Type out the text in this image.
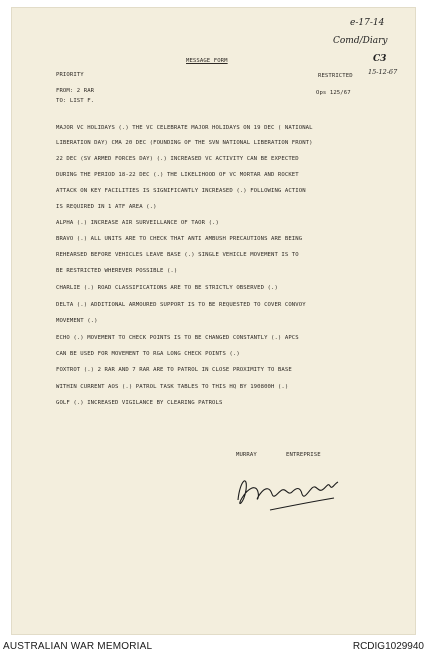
e-17-14
Comd/Diary
C3
15-12-67
MESSAGE FORM
PRIORITY	RESTRICTED
FROM: 2 RAR	Ops 125/67
TO: LIST F.
MAJOR VC HOLIDAYS (.) THE VC CELEBRATE MAJOR HOLIDAYS ON 19 DEC ( NATIONAL
LIBERATION DAY) CMA 20 DEC (FOUNDING OF THE SVN NATIONAL LIBERATION FRONT)
22 DEC (SV ARMED FORCES DAY) (.) INCREASED VC ACTIVITY CAN BE EXPECTED
DURING THE PERIOD 18-22 DEC (.) THE LIKELIHOOD OF VC MORTAR AND ROCKET
ATTACK ON KEY FACILITIES IS SIGNIFICANTLY INCREASED (.) FOLLOWING ACTION
IS REQUIRED IN 1 ATF AREA (.)
ALPHA (.) INCREASE AIR SURVEILLANCE OF TAOR (.)
BRAVO (.) ALL UNITS ARE TO CHECK THAT ANTI AMBUSH PRECAUTIONS ARE BEING
REHEARSED BEFORE VEHICLES LEAVE BASE (.) SINGLE VEHICLE MOVEMENT IS TO
BE RESTRICTED WHEREVER POSSIBLE (.)
CHARLIE (.) ROAD CLASSIFICATIONS ARE TO BE STRICTLY OBSERVED (.)
DELTA (.) ADDITIONAL ARMOURED SUPPORT IS TO BE REQUESTED TO COVER CONVOY
MOVEMENT (.)
ECHO (.) MOVEMENT TO CHECK POINTS IS TO BE CHANGED CONSTANTLY (.) APCS
CAN BE USED FOR MOVEMENT TO RGA LONG CHECK POINTS (.)
FOXTROT (.) 2 RAR AND 7 RAR ARE TO PATROL IN CLOSE PROXIMITY TO BASE
WITHIN CURRENT AOS (.) PATROL TASK TABLES TO THIS HQ BY 190800H (.)
GOLF (.) INCREASED VIGILANCE BY CLEARING PATROLS
MURRAY	ENTREPRISE
AUSTRALIAN WAR MEMORIAL	RCDIG1029940
